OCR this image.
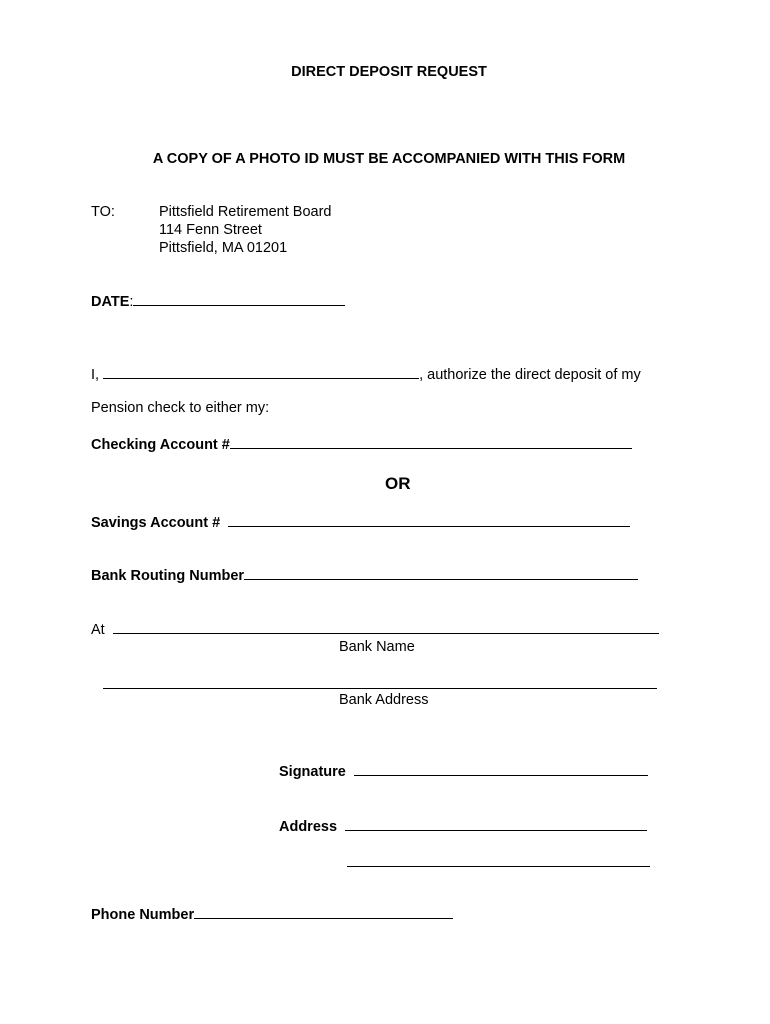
DIRECT DEPOSIT REQUEST
A COPY OF A PHOTO ID MUST BE ACCOMPANIED WITH THIS FORM
TO:	Pittsfield Retirement Board
114 Fenn Street
Pittsfield, MA 01201
DATE:
I,	, authorize the direct deposit of my
Pension check to either my:
Checking Account #
OR
Savings Account #
Bank Routing Number
At
Bank Name
Bank Address
Signature
Address
Phone Number
